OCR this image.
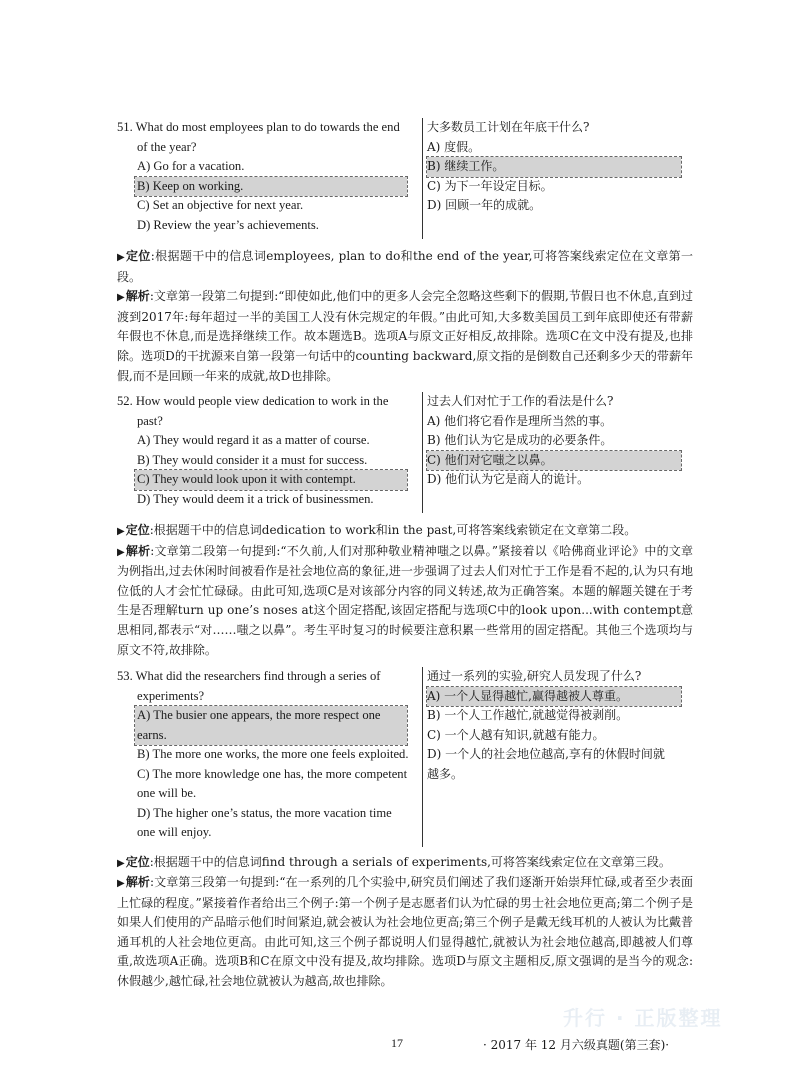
51. What do most employees plan to do towards the end
of the year?
A) Go for a vacation.
B) Keep on working.
C) Set an objective for next year.
D) Review the year’s achievements.
大多数员工计划在年底干什么?
A) 度假。
B) 继续工作。
C) 为下一年设定目标。
D) 回顾一年的成就。

▶定位:根据题干中的信息词employees, plan to do和the end of the year,可将答案线索定位在文章第一段。

▶解析:文章第一段第二句提到:“即使如此,他们中的更多人会完全忽略这些剩下的假期,节假日也不休息,直到过渡到2017年:每年超过一半的美国工人没有休完规定的年假。”由此可知,大多数美国员工到年底即使还有带薪年假也不休息,而是选择继续工作。故本题选B。选项A与原文正好相反,故排除。选项C在文中没有提及,也排除。选项D的干扰源来自第一段第一句话中的counting backward,原文指的是倒数自己还剩多少天的带薪年假,而不是回顾一年来的成就,故D也排除。

52. How would people view dedication to work in the
past?
A) They would regard it as a matter of course.
B) They would consider it a must for success.
C) They would look upon it with contempt.
D) They would deem it a trick of businessmen.
过去人们对忙于工作的看法是什么?
A) 他们将它看作是理所当然的事。
B) 他们认为它是成功的必要条件。
C) 他们对它嗤之以鼻。
D) 他们认为它是商人的诡计。

▶定位:根据题干中的信息词dedication to work和in the past,可将答案线索锁定在文章第二段。

▶解析:文章第二段第一句提到:“不久前,人们对那种敬业精神嗤之以鼻。”紧接着以《哈佛商业评论》中的文章为例指出,过去休闲时间被看作是社会地位高的象征,进一步强调了过去人们对忙于工作是看不起的,认为只有地位低的人才会忙忙碌碌。由此可知,选项C是对该部分内容的同义转述,故为正确答案。本题的解题关键在于考生是否理解turn up one’s noses at这个固定搭配,该固定搭配与选项C中的look upon...with contempt意思相同,都表示“对……嗤之以鼻”。考生平时复习的时候要注意积累一些常用的固定搭配。其他三个选项均与原文不符,故排除。

53. What did the researchers find through a series of
experiments?
A) The busier one appears, the more respect one
earns.
B) The more one works, the more one feels exploited.
C) The more knowledge one has, the more competent
one will be.
D) The higher one’s status, the more vacation time
one will enjoy.
通过一系列的实验,研究人员发现了什么?
A) 一个人显得越忙,赢得越被人尊重。
B) 一个人工作越忙,就越觉得被剥削。
C) 一个人越有知识,就越有能力。
D) 一个人的社会地位越高,享有的休假时间就
越多。

▶定位:根据题干中的信息词find through a serials of experiments,可将答案线索定位在文章第三段。

▶解析:文章第三段第一句提到:“在一系列的几个实验中,研究员们阐述了我们逐渐开始崇拜忙碌,或者至少表面上忙碌的程度。”紧接着作者给出三个例子:第一个例子是志愿者们认为忙碌的男士社会地位更高;第二个例子是如果人们使用的产品暗示他们时间紧迫,就会被认为社会地位更高;第三个例子是戴无线耳机的人被认为比戴普通耳机的人社会地位更高。由此可知,这三个例子都说明人们显得越忙,就被认为社会地位越高,即越被人们尊重,故选项A正确。选项B和C在原文中没有提及,故均排除。选项D与原文主题相反,原文强调的是当今的观念:休假越少,越忙碌,社会地位就被认为越高,故也排除。

升行 · 正版整理
17	· 2017 年 12 月六级真题(第三套)·
